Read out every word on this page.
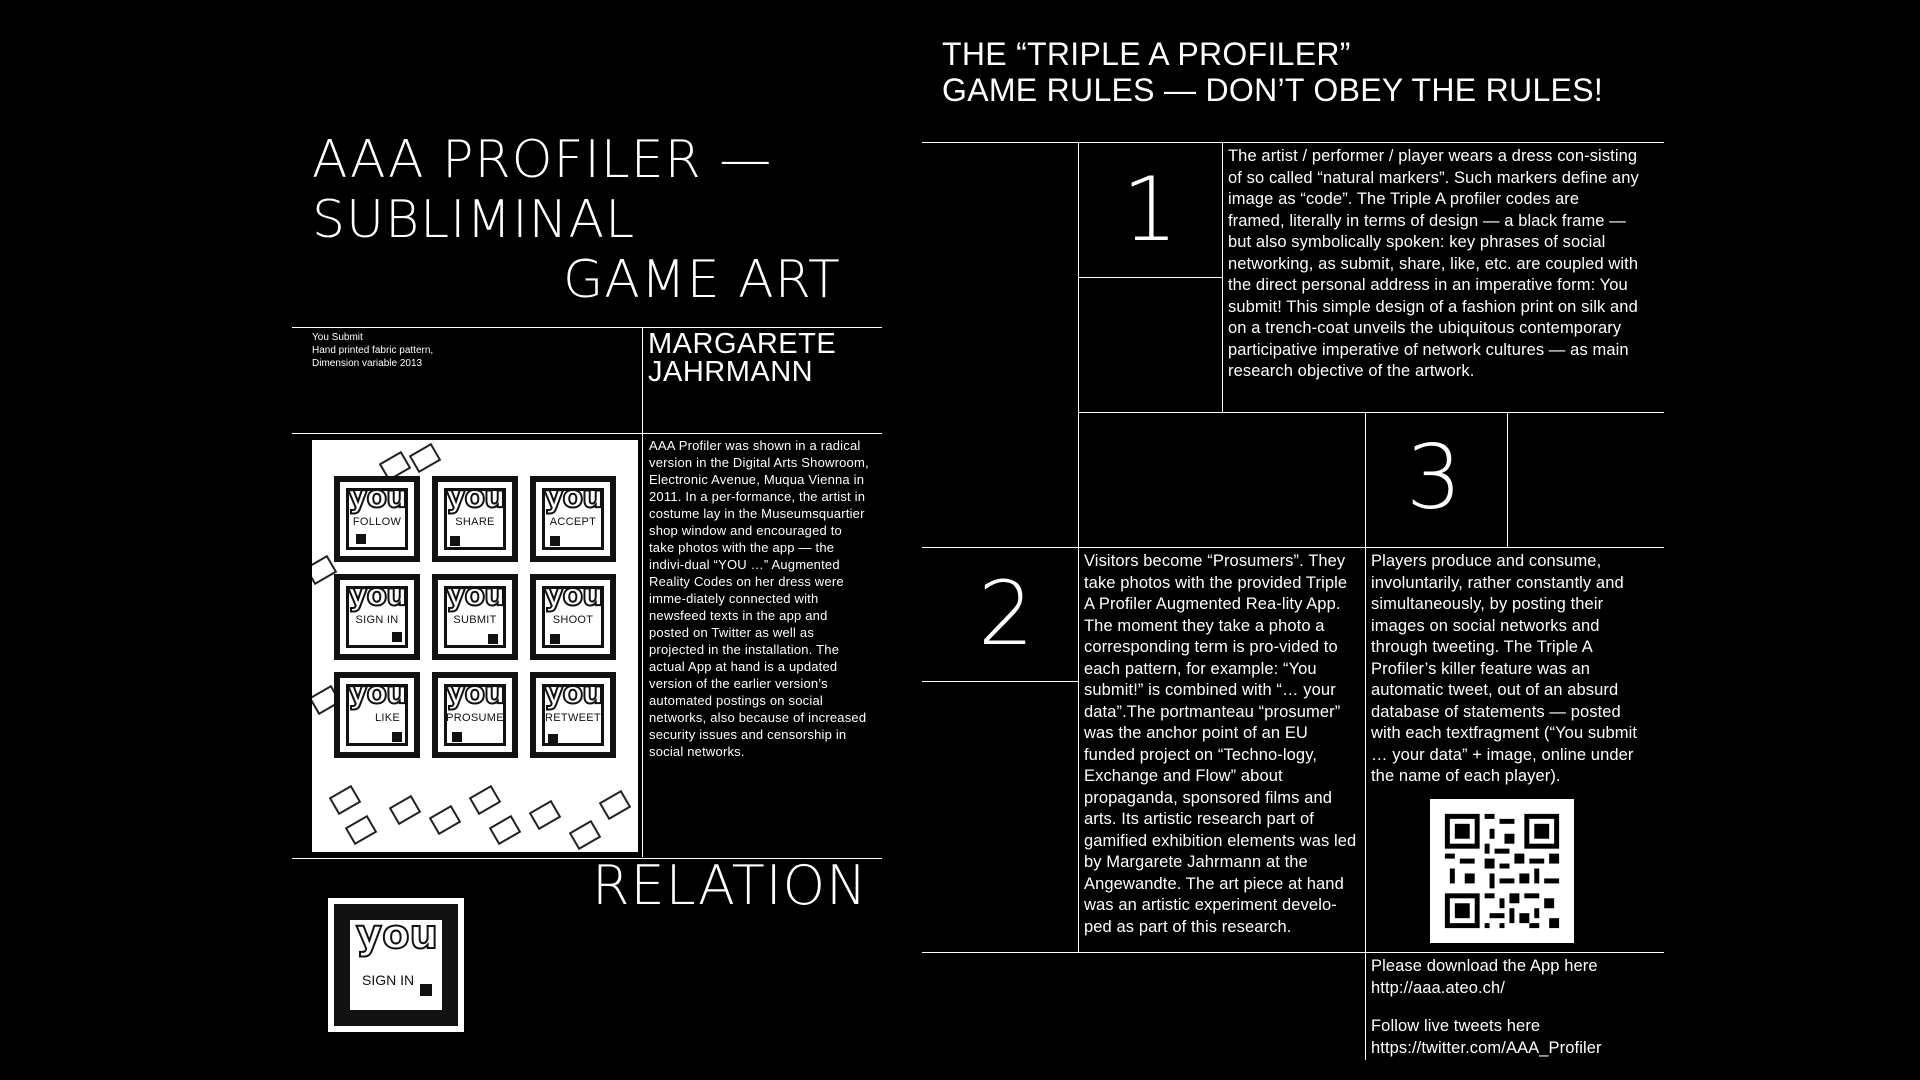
AAA PROFILER —
SUBLIMINAL
GAME ART
You Submit
Hand printed fabric pattern,
Dimension variable 2013
MARGARETE
JAHRMANN
you
FOLLOW
you
SHARE
you
ACCEPT
you
SIGN IN
you
SUBMIT
you
SHOOT
you
LIKE
you
PROSUME
you
RETWEET
AAA Profiler was shown in a radical version in the Digital Arts Showroom, Electronic Avenue, Muqua Vienna in 2011. In a per-formance, the artist in costume lay in the Museumsquartier shop window and encouraged to take photos with the app — the indivi-dual “YOU …” Augmented Reality Codes on her dress were imme-diately connected with newsfeed texts in the app and posted on Twitter as well as projected in the installation. The actual App at hand is a updated version of the earlier version’s automated postings on social networks, also because of increased security issues and censorship in social networks.
RELATION
you
SIGN IN
THE “TRIPLE A PROFILER”
GAME RULES — DON’T OBEY THE RULES!
1
The artist / performer / player wears a dress con-sisting of so called “natural markers”. Such markers define any image as “code”. The Triple A profiler codes are framed, literally in terms of design — a black frame — but also symbolically spoken: key phrases of social networking, as submit, share, like, etc. are coupled with the direct personal address in an imperative form: You submit! This simple design of a fashion print on silk and on a trench-coat unveils the ubiquitous contemporary participative imperative of network cultures — as main research objective of the artwork.
3
2
Visitors become “Prosumers”. They take photos with the provided Triple A Profiler Augmented Rea-lity App. The moment they take a photo a corresponding term is pro-vided to each pattern, for example: “You submit!” is combined with “… your data”.The portmanteau “prosumer” was the anchor point of an EU funded project on “Techno-logy, Exchange and Flow” about propaganda, sponsored films and arts. Its artistic research part of gamified exhibition elements was led by Margarete Jahrmann at the Angewandte. The art piece at hand was an artistic experiment develo-ped as part of this research.
Players produce and consume, involuntarily, rather constantly and simultaneously, by posting their images on social networks and through tweeting. The Triple A Profiler’s killer feature was an automatic tweet, out of an absurd database of statements — posted with each textfragment (“You submit … your data” + image, online under the name of each player).
Please download the App here
http://aaa.ateo.ch/
Follow live tweets here
https://twitter.com/AAA_Profiler
